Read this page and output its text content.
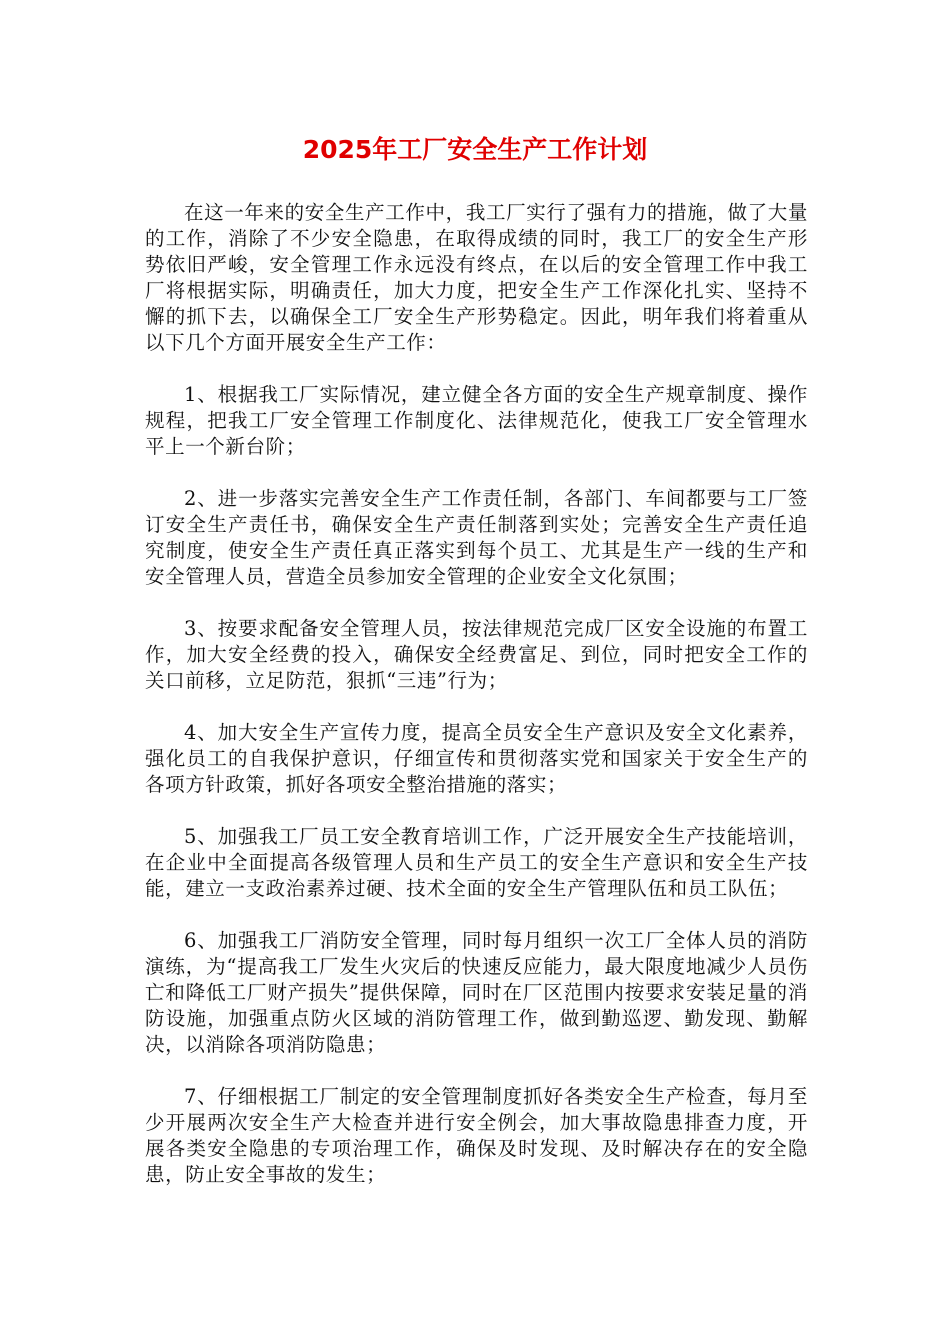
2025年工厂安全生产工作计划

在这一年来的安全生产工作中，我工厂实行了强有力的措施，做了大量的工作，消除了不少安全隐患，在取得成绩的同时，我工厂的安全生产形势依旧严峻，安全管理工作永远没有终点，在以后的安全管理工作中我工厂将根据实际，明确责任，加大力度，把安全生产工作深化扎实、坚持不懈的抓下去，以确保全工厂安全生产形势稳定。因此，明年我们将着重从以下几个方面开展安全生产工作：

1、根据我工厂实际情况，建立健全各方面的安全生产规章制度、操作规程，把我工厂安全管理工作制度化、法律规范化，使我工厂安全管理水平上一个新台阶；

2、进一步落实完善安全生产工作责任制，各部门、车间都要与工厂签订安全生产责任书，确保安全生产责任制落到实处；完善安全生产责任追究制度，使安全生产责任真正落实到每个员工、尤其是生产一线的生产和安全管理人员，营造全员参加安全管理的企业安全文化氛围；

3、按要求配备安全管理人员，按法律规范完成厂区安全设施的布置工作，加大安全经费的投入，确保安全经费富足、到位，同时把安全工作的关口前移，立足防范，狠抓“三违”行为；

4、加大安全生产宣传力度，提高全员安全生产意识及安全文化素养，强化员工的自我保护意识，仔细宣传和贯彻落实党和国家关于安全生产的各项方针政策，抓好各项安全整治措施的落实；

5、加强我工厂员工安全教育培训工作，广泛开展安全生产技能培训，在企业中全面提高各级管理人员和生产员工的安全生产意识和安全生产技能，建立一支政治素养过硬、技术全面的安全生产管理队伍和员工队伍；

6、加强我工厂消防安全管理，同时每月组织一次工厂全体人员的消防演练，为“提高我工厂发生火灾后的快速反应能力，最大限度地减少人员伤亡和降低工厂财产损失”提供保障，同时在厂区范围内按要求安装足量的消防设施，加强重点防火区域的消防管理工作，做到勤巡逻、勤发现、勤解决，以消除各项消防隐患；

7、仔细根据工厂制定的安全管理制度抓好各类安全生产检查，每月至少开展两次安全生产大检查并进行安全例会，加大事故隐患排查力度，开展各类安全隐患的专项治理工作，确保及时发现、及时解决存在的安全隐患，防止安全事故的发生；
